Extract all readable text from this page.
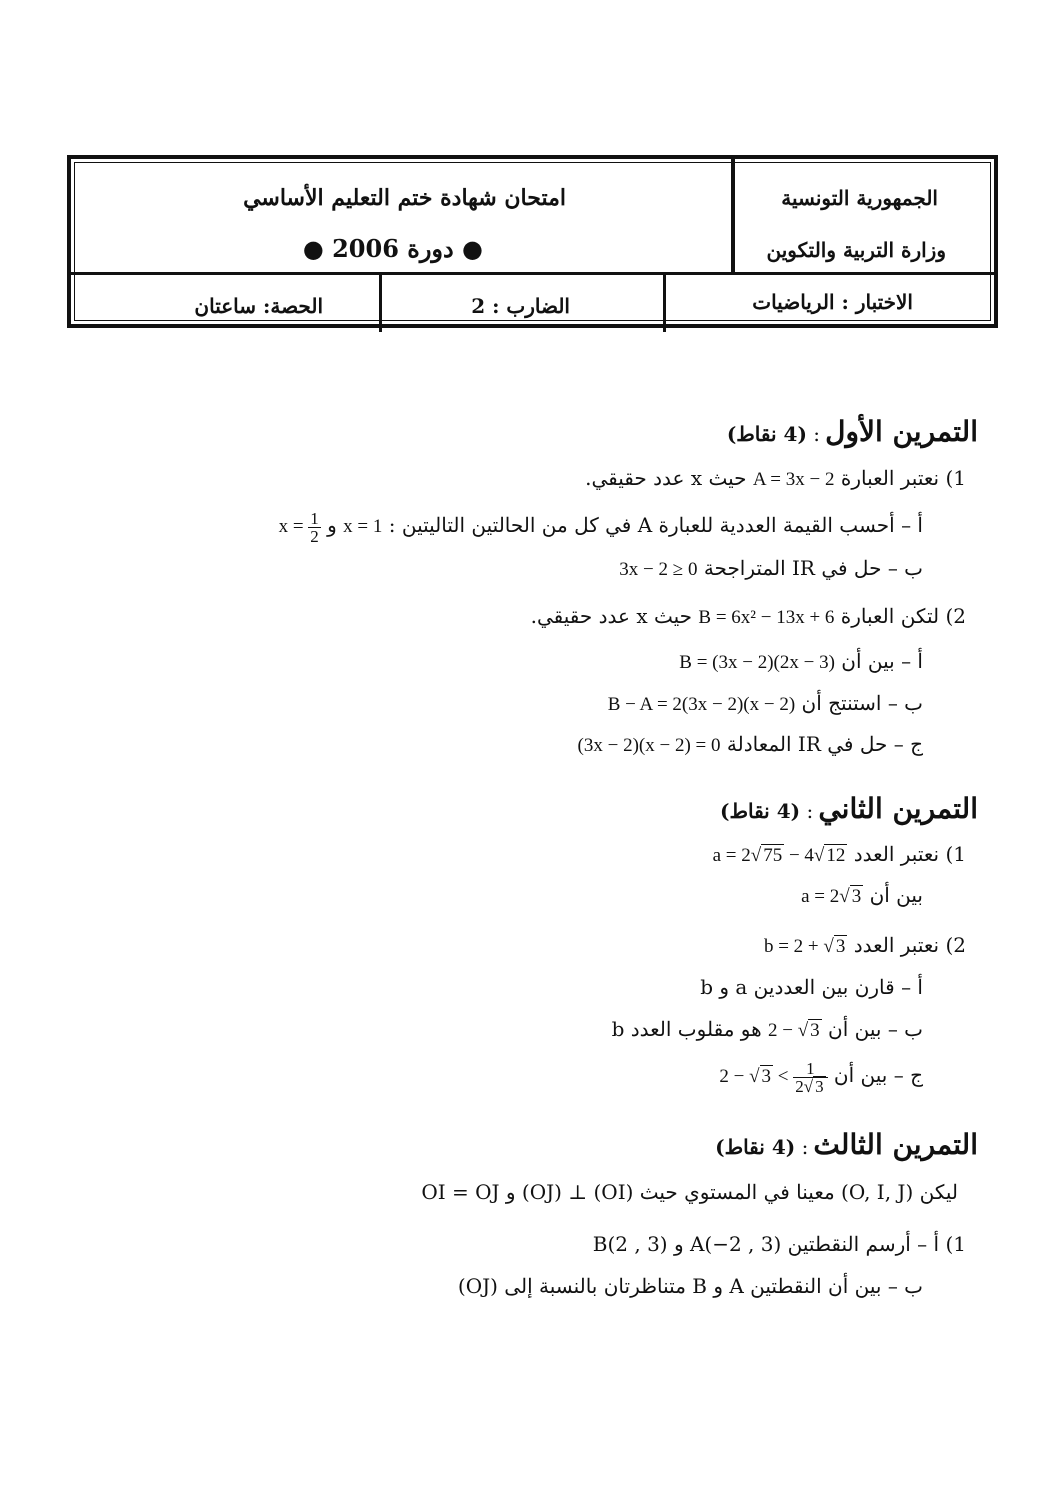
الجمهورية التونسية
وزارة التربية والتكوين
امتحان شهادة ختم التعليم الأساسي
● دورة 2006 ●
الاختبار : الرياضيات
الضارب : 2
الحصة: ساعتان
التمرين الأول : (4 نقاط)
1) نعتبر العبارة A = 3x − 2 حيث x عدد حقيقي.
أ – أحسب القيمة العددية للعبارة A في كل من الحالتين التاليتين : x = 1 و $x = \frac{1}{2}$
ب – حل في IR المتراجحة 3x − 2 ≥ 0
2) لتكن العبارة B = 6x² − 13x + 6 حيث x عدد حقيقي.
أ – بين أن B = (3x − 2)(2x − 3)
ب – استنتج أن B − A = 2(3x − 2)(x − 2)
ج – حل في IR المعادلة (3x − 2)(x − 2) = 0
التمرين الثاني : (4 نقاط)
1) نعتبر العدد a = 2√ 75 − 4√ 12
بين أن a = 2√ 3
2) نعتبر العدد b = 2 + √ 3
أ – قارن بين العددين a و b
ب – بين أن 2 − √ 3 هو مقلوب العدد b
ج – بين أن 2 − √ $3 < \frac{1}{2√ 3}$
التمرين الثالث : (4 نقاط)
ليكن (O, I, J) معينا في المستوي حيث (OI) ⊥ (OJ) و OI = OJ
1) أ – أرسم النقطتين A(−2 , 3) و B(2 , 3)
ب – بين أن النقطتين A و B متناظرتان بالنسبة إلى (OJ)
